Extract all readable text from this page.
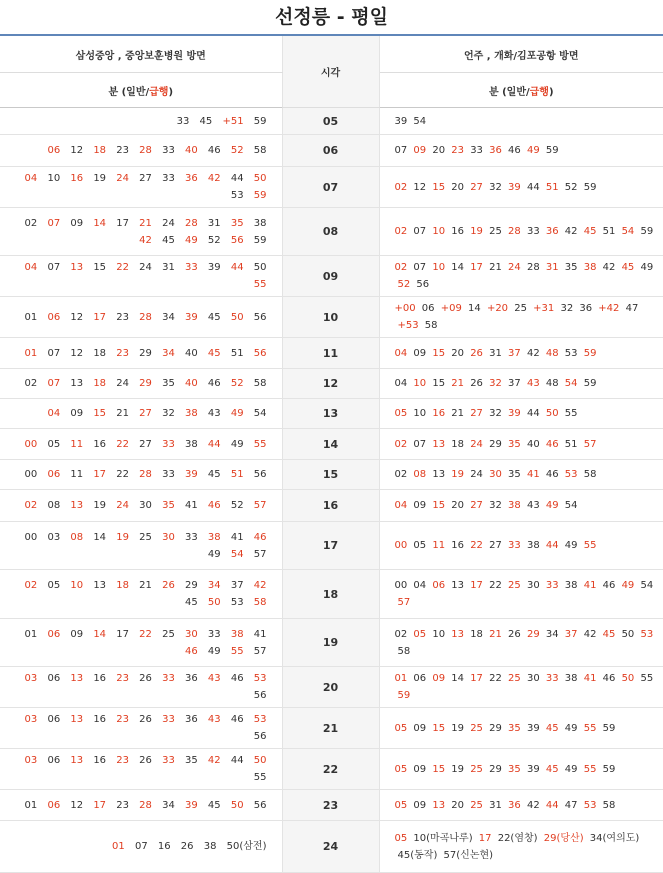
선정릉 - 평일
삼성중앙 , 중앙보훈병원 방면	시각	언주 , 개화/김포공항 방면
분 (일반/급행)		분 (일반/급행)
33 45 +51 59	05	39 54
06 12 18 23 28 33 40 46 52 58	06	07 09 20 23 33 36 46 49 59
04 10 16 19 24 27 33 36 42 44 50 53 59	07	02 12 15 20 27 32 39 44 51 52 59
02 07 09 14 17 21 24 28 31 35 38 42 45 49 52 56 59	08	02 07 10 16 19 25 28 33 36 42 45 51 54 59
04 07 13 15 22 24 31 33 39 44 50 55	09	02 07 10 14 17 21 24 28 31 35 38 42 45 49 52 56
01 06 12 17 23 28 34 39 45 50 56	10	+00 06 +09 14 +20 25 +31 32 36 +42 47 +53 58
01 07 12 18 23 29 34 40 45 51 56	11	04 09 15 20 26 31 37 42 48 53 59
02 07 13 18 24 29 35 40 46 52 58	12	04 10 15 21 26 32 37 43 48 54 59
04 09 15 21 27 32 38 43 49 54	13	05 10 16 21 27 32 39 44 50 55
00 05 11 16 22 27 33 38 44 49 55	14	02 07 13 18 24 29 35 40 46 51 57
00 06 11 17 22 28 33 39 45 51 56	15	02 08 13 19 24 30 35 41 46 53 58
02 08 13 19 24 30 35 41 46 52 57	16	04 09 15 20 27 32 38 43 49 54
00 03 08 14 19 25 30 33 38 41 46 49 54 57	17	00 05 11 16 22 27 33 38 44 49 55
02 05 10 13 18 21 26 29 34 37 42 45 50 53 58	18	00 04 06 13 17 22 25 30 33 38 41 46 49 54 57
01 06 09 14 17 22 25 30 33 38 41 46 49 55 57	19	02 05 10 13 18 21 26 29 34 37 42 45 50 53 58
03 06 13 16 23 26 33 36 43 46 53 56	20	01 06 09 14 17 22 25 30 33 38 41 46 50 55 59
03 06 13 16 23 26 33 36 43 46 53 56	21	05 09 15 19 25 29 35 39 45 49 55 59
03 06 13 16 23 26 33 35 42 44 50 55	22	05 09 15 19 25 29 35 39 45 49 55 59
01 06 12 17 23 28 34 39 45 50 56	23	05 09 13 20 25 31 36 42 44 47 53 58
01 07 16 26 38 50(삼전)	24	05 10(마곡나루) 17 22(염창) 29(당산) 34(여의도) 45(동작) 57(신논현)
